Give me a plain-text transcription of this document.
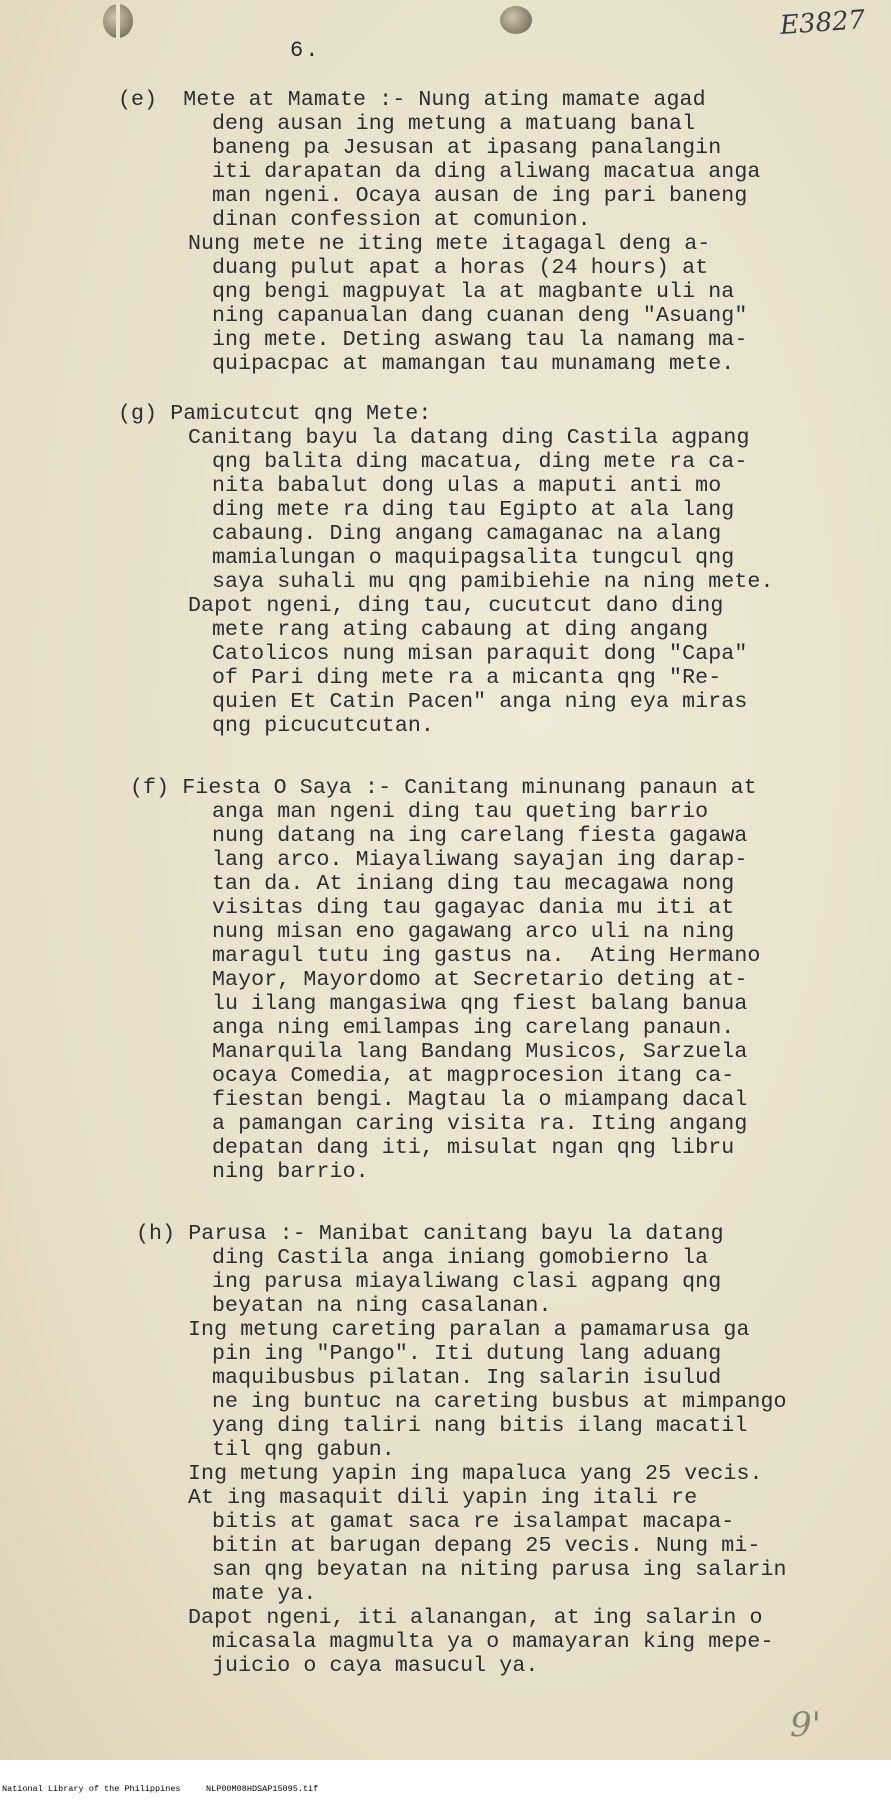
6.
E3827

(e)  Mete at Mamate :- Nung ating mamate agad

deng ausan ing metung a matuang banal

baneng pa Jesusan at ipasang panalangin

iti darapatan da ding aliwang macatua anga

man ngeni. Ocaya ausan de ing pari baneng

dinan confession at comunion.

Nung mete ne iting mete itagagal deng a-

duang pulut apat a horas (24 hours) at

qng bengi magpuyat la at magbante uli na

ning capanualan dang cuanan deng "Asuang"

ing mete. Deting aswang tau la namang ma-

quipacpac at mamangan tau munamang mete.

(g) Pamicutcut qng Mete:

Canitang bayu la datang ding Castila agpang

qng balita ding macatua, ding mete ra ca-

nita babalut dong ulas a maputi anti mo

ding mete ra ding tau Egipto at ala lang

cabaung. Ding angang camaganac na alang

mamialungan o maquipagsalita tungcul qng

saya suhali mu qng pamibiehie na ning mete.

Dapot ngeni, ding tau, cucutcut dano ding

mete rang ating cabaung at ding angang

Catolicos nung misan paraquit dong "Capa"

of Pari ding mete ra a micanta qng "Re-

quien Et Catin Pacen" anga ning eya miras

qng picucutcutan.

(f) Fiesta O Saya :- Canitang minunang panaun at

anga man ngeni ding tau queting barrio

nung datang na ing carelang fiesta gagawa

lang arco. Miayaliwang sayajan ing darap-

tan da. At iniang ding tau mecagawa nong

visitas ding tau gagayac dania mu iti at

nung misan eno gagawang arco uli na ning

maragul tutu ing gastus na.  Ating Hermano

Mayor, Mayordomo at Secretario deting at-

lu ilang mangasiwa qng fiest balang banua

anga ning emilampas ing carelang panaun.

Manarquila lang Bandang Musicos, Sarzuela

ocaya Comedia, at magprocesion itang ca-

fiestan bengi. Magtau la o miampang dacal

a pamangan caring visita ra. Iting angang

depatan dang iti, misulat ngan qng libru

ning barrio.

(h) Parusa :- Manibat canitang bayu la datang

ding Castila anga iniang gomobierno la

ing parusa miayaliwang clasi agpang qng

beyatan na ning casalanan.

Ing metung careting paralan a pamamarusa ga

pin ing "Pango". Iti dutung lang aduang

maquibusbus pilatan. Ing salarin isulud

ne ing buntuc na careting busbus at mimpango

yang ding taliri nang bitis ilang macatil

til qng gabun.

Ing metung yapin ing mapaluca yang 25 vecis.

At ing masaquit dili yapin ing itali re

bitis at gamat saca re isalampat macapa-

bitin at barugan depang 25 vecis. Nung mi-

san qng beyatan na niting parusa ing salarin

mate ya.

Dapot ngeni, iti alanangan, at ing salarin o

micasala magmulta ya o mamayaran king mepe-

juicio o caya masucul ya.

9'
National Library of the Philippines     NLP00M08HDSAP15095.tif
